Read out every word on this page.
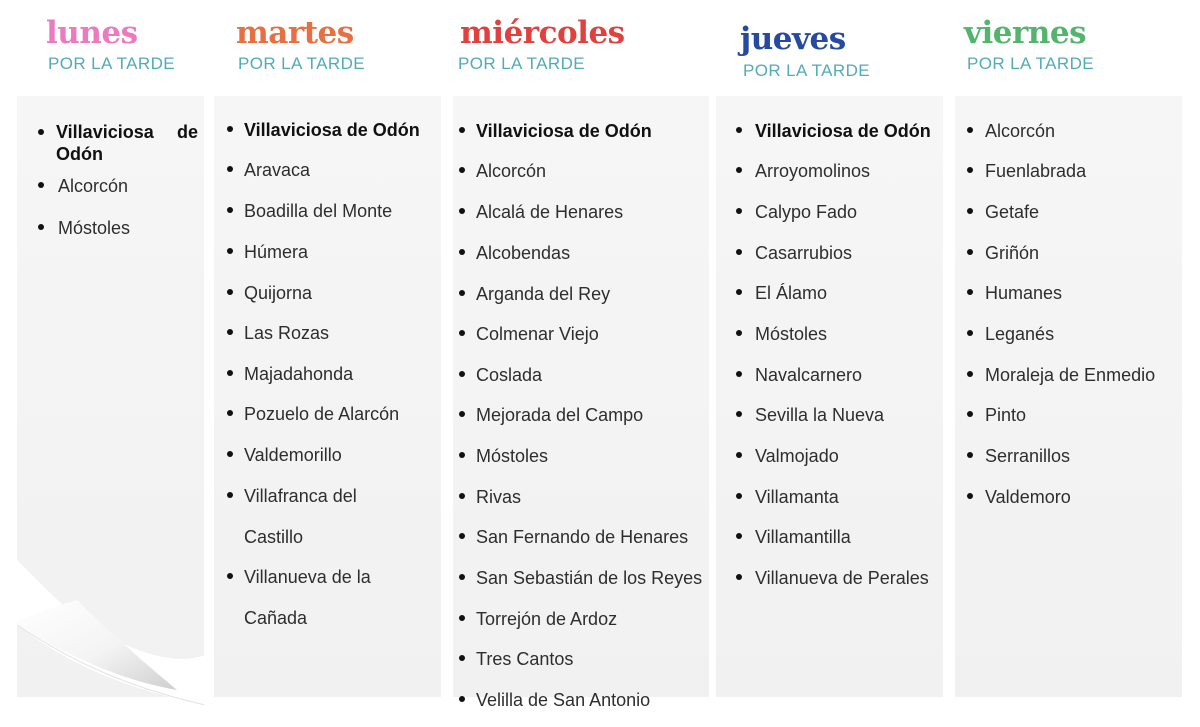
lunes
POR LA TARDE
Villaviciosa de Odón
Alcorcón
Móstoles
martes
POR LA TARDE
Villaviciosa de Odón
Aravaca
Boadilla del Monte
Húmera
Quijorna
Las Rozas
Majadahonda
Pozuelo de Alarcón
Valdemorillo
Villafranca del Castillo
Villanueva de la Cañada
miércoles
POR LA TARDE
Villaviciosa de Odón
Alcorcón
Alcalá de Henares
Alcobendas
Arganda del Rey
Colmenar Viejo
Coslada
Mejorada del Campo
Móstoles
Rivas
San Fernando de Henares
San Sebastián de los Reyes
Torrejón de Ardoz
Tres Cantos
Velilla de San Antonio
jueves
POR LA TARDE
Villaviciosa de Odón
Arroyomolinos
Calypo Fado
Casarrubios
El Álamo
Móstoles
Navalcarnero
Sevilla la Nueva
Valmojado
Villamanta
Villamantilla
Villanueva de Perales
viernes
POR LA TARDE
Alcorcón
Fuenlabrada
Getafe
Griñón
Humanes
Leganés
Moraleja de Enmedio
Pinto
Serranillos
Valdemoro
